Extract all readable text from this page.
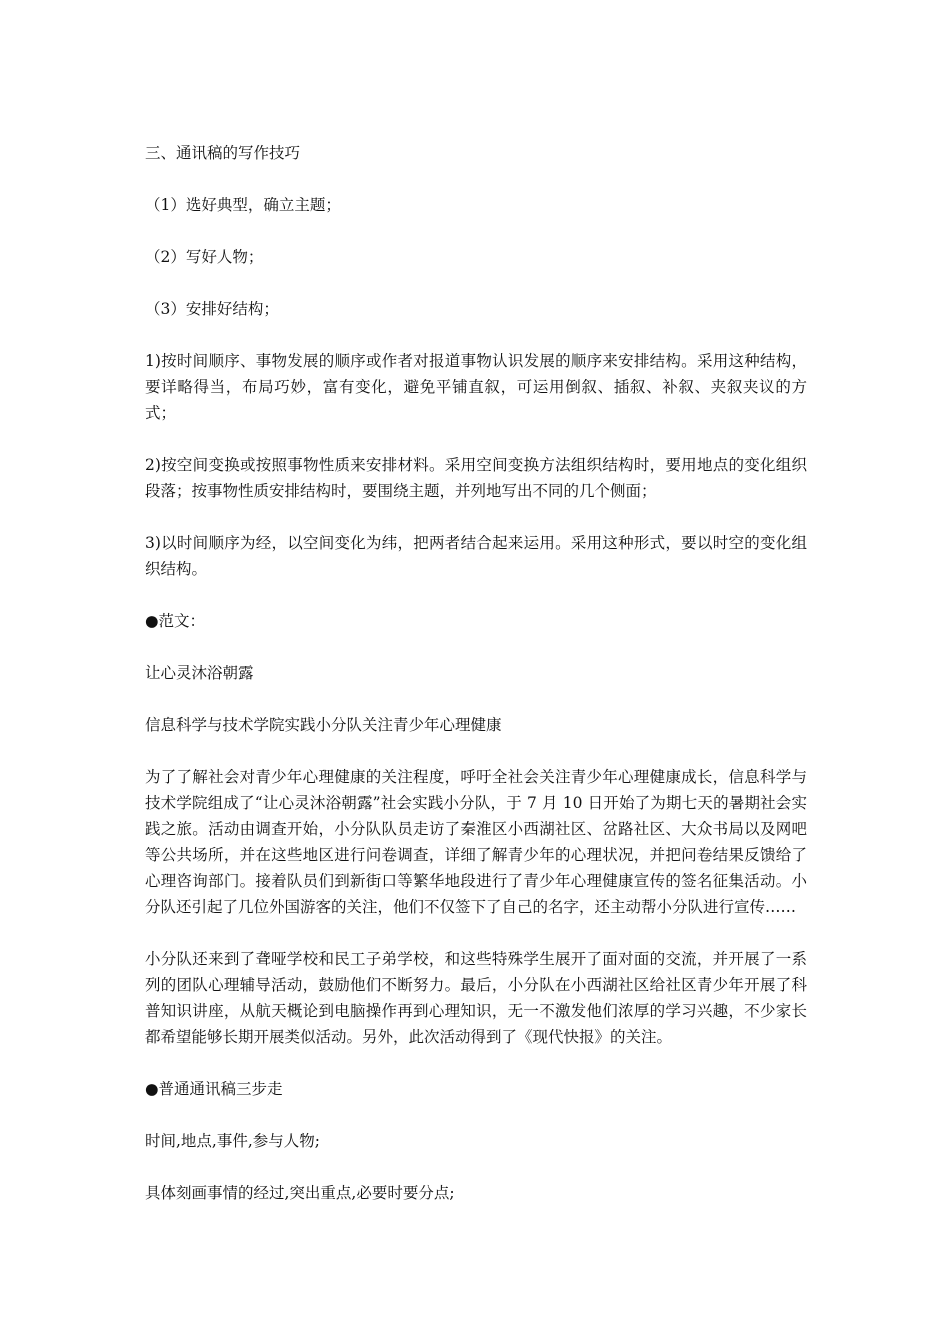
三、通讯稿的写作技巧

（1）选好典型，确立主题；

（2）写好人物；

（3）安排好结构；

1)按时间顺序、事物发展的顺序或作者对报道事物认识发展的顺序来安排结构。采用这种结构，要详略得当，布局巧妙，富有变化，避免平铺直叙，可运用倒叙、插叙、补叙、夹叙夹议的方式；

2)按空间变换或按照事物性质来安排材料。采用空间变换方法组织结构时，要用地点的变化组织段落；按事物性质安排结构时，要围绕主题，并列地写出不同的几个侧面；

3)以时间顺序为经，以空间变化为纬，把两者结合起来运用。采用这种形式，要以时空的变化组织结构。

●范文：

让心灵沐浴朝露

信息科学与技术学院实践小分队关注青少年心理健康

为了了解社会对青少年心理健康的关注程度，呼吁全社会关注青少年心理健康成长，信息科学与技术学院组成了“让心灵沐浴朝露”社会实践小分队，于 7 月 10 日开始了为期七天的暑期社会实践之旅。活动由调查开始，小分队队员走访了秦淮区小西湖社区、岔路社区、大众书局以及网吧等公共场所，并在这些地区进行问卷调查，详细了解青少年的心理状况，并把问卷结果反馈给了心理咨询部门。接着队员们到新街口等繁华地段进行了青少年心理健康宣传的签名征集活动。小分队还引起了几位外国游客的关注，他们不仅签下了自己的名字，还主动帮小分队进行宣传……

小分队还来到了聋哑学校和民工子弟学校，和这些特殊学生展开了面对面的交流，并开展了一系列的团队心理辅导活动，鼓励他们不断努力。最后，小分队在小西湖社区给社区青少年开展了科普知识讲座，从航天概论到电脑操作再到心理知识，无一不激发他们浓厚的学习兴趣，不少家长都希望能够长期开展类似活动。另外，此次活动得到了《现代快报》的关注。

●普通通讯稿三步走

时间,地点,事件,参与人物;

具体刻画事情的经过,突出重点,必要时要分点;
